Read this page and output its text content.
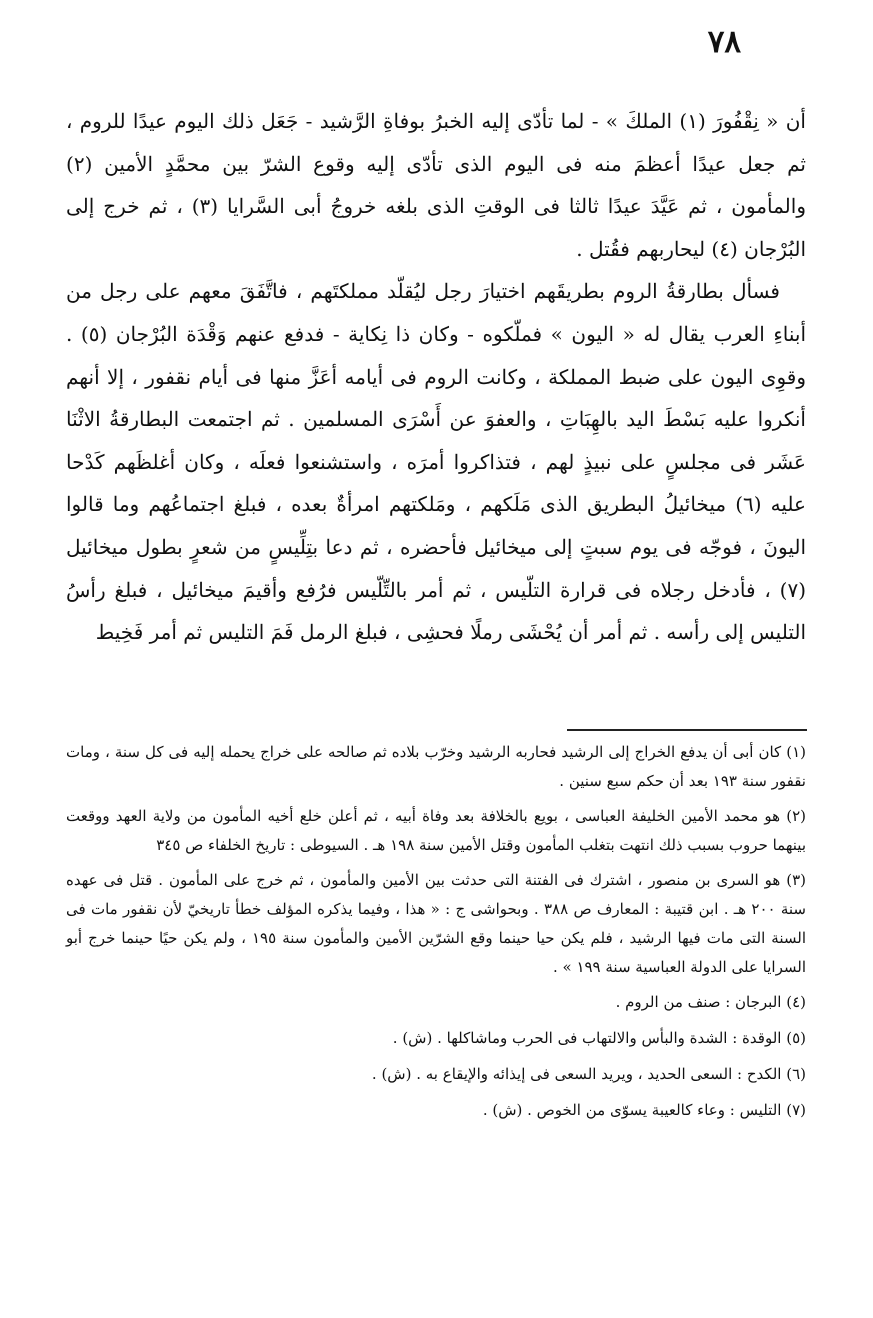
٧٨

أن « نِقْفُورَ (١) الملكَ » - لما تأدّى إليه الخبرُ بوفاةِ الرَّشيد - جَعَل ذلك اليوم عيدًا للروم ، ثم جعل عيدًا أعظمَ منه فى اليوم الذى تأدّى إليه وقوع الشرّ بين محمَّدٍ الأمين (٢) والمأمون ، ثم عَيَّدَ عيدًا ثالثا فى الوقتِ الذى بلغه خروجُ أبى السَّرايا (٣) ، ثم خرج إلى البُرْجان (٤) ليحاربهم فقُتل .

فسأل بطارقةُ الروم بطريقَهم اختيارَ رجل ليُقلّد مملكتَهم ، فاتَّفَقَ معهم على رجل من أبناءِ العرب يقال له « اليون » فملّكوه - وكان ذا نِكاية - فدفع عنهم وَقْدَة البُرْجان (٥) . وقوِى اليون على ضبط المملكة ، وكانت الروم فى أيامه أعَزَّ منها فى أيام نقفور ، إلا أنهم أنكروا عليه بَسْطَ اليد بالهِبَاتِ ، والعفوَ عن أَسْرَى المسلمين . ثم اجتمعت البطارقةُ الاثْنَا عَشَر فى مجلسٍ على نبيذٍ لهم ، فتذاكروا أمرَه ، واستشنعوا فعلَه ، وكان أغلظَهم كَدْحا عليه (٦) ميخائيلُ البطريق الذى مَلَكهم ، ومَلكتهم امرأةٌ بعده ، فبلغ اجتماعُهم وما قالوا اليونَ ، فوجّه فى يوم سبتٍ إلى ميخائيل فأحضره ، ثم دعا بتِلِّيسٍ من شعرٍ بطول ميخائيل (٧) ، فأدخل رجلاه فى قرارة التلّيس ، ثم أمر بالتِّلّيس فرُفع وأقيمَ ميخائيل ، فبلغ رأسُ التليس إلى رأسه . ثم أمر أن يُحْشَى رملًا فحشِى ، فبلغ الرمل فَمَ التليس ثم أمر فَخِيط

(١) كان أبى أن يدفع الخراج إلى الرشيد فحاربه الرشيد وخرّب بلاده ثم صالحه على خراج يحمله إليه فى كل سنة ، ومات نقفور سنة ١٩٣ بعد أن حكم سبع سنين .

(٢) هو محمد الأمين الخليفة العباسى ، بويع بالخلافة بعد وفاة أبيه ، ثم أعلن خلع أخيه المأمون من ولاية العهد ووقعت بينهما حروب بسبب ذلك انتهت بتغلب المأمون وقتل الأمين سنة ١٩٨ هـ . السيوطى : تاريخ الخلفاء ص ٣٤٥

(٣) هو السرى بن منصور ، اشترك فى الفتنة التى حدثت بين الأمين والمأمون ، ثم خرج على المأمون . قتل فى عهده سنة ٢٠٠ هـ . ابن قتيبة : المعارف ص ٣٨٨ . وبحواشى ج : « هذا ، وفيما يذكره المؤلف خطأ تاريخيّ لأن نقفور مات فى السنة التى مات فيها الرشيد ، فلم يكن حيا حينما وقع الشرّين الأمين والمأمون سنة ١٩٥ ، ولم يكن حيًا حينما خرج أبو السرايا على الدولة العباسية سنة ١٩٩ » .

(٤) البرجان : صنف من الروم .

(٥) الوقدة : الشدة والبأس والالتهاب فى الحرب وماشاكلها . (ش) .

(٦) الكدح : السعى الحديد ، ويريد السعى فى إيذائه والإيقاع به . (ش) .

(٧) التليس : وعاء كالعيبة يسوّى من الخوص . (ش) .
